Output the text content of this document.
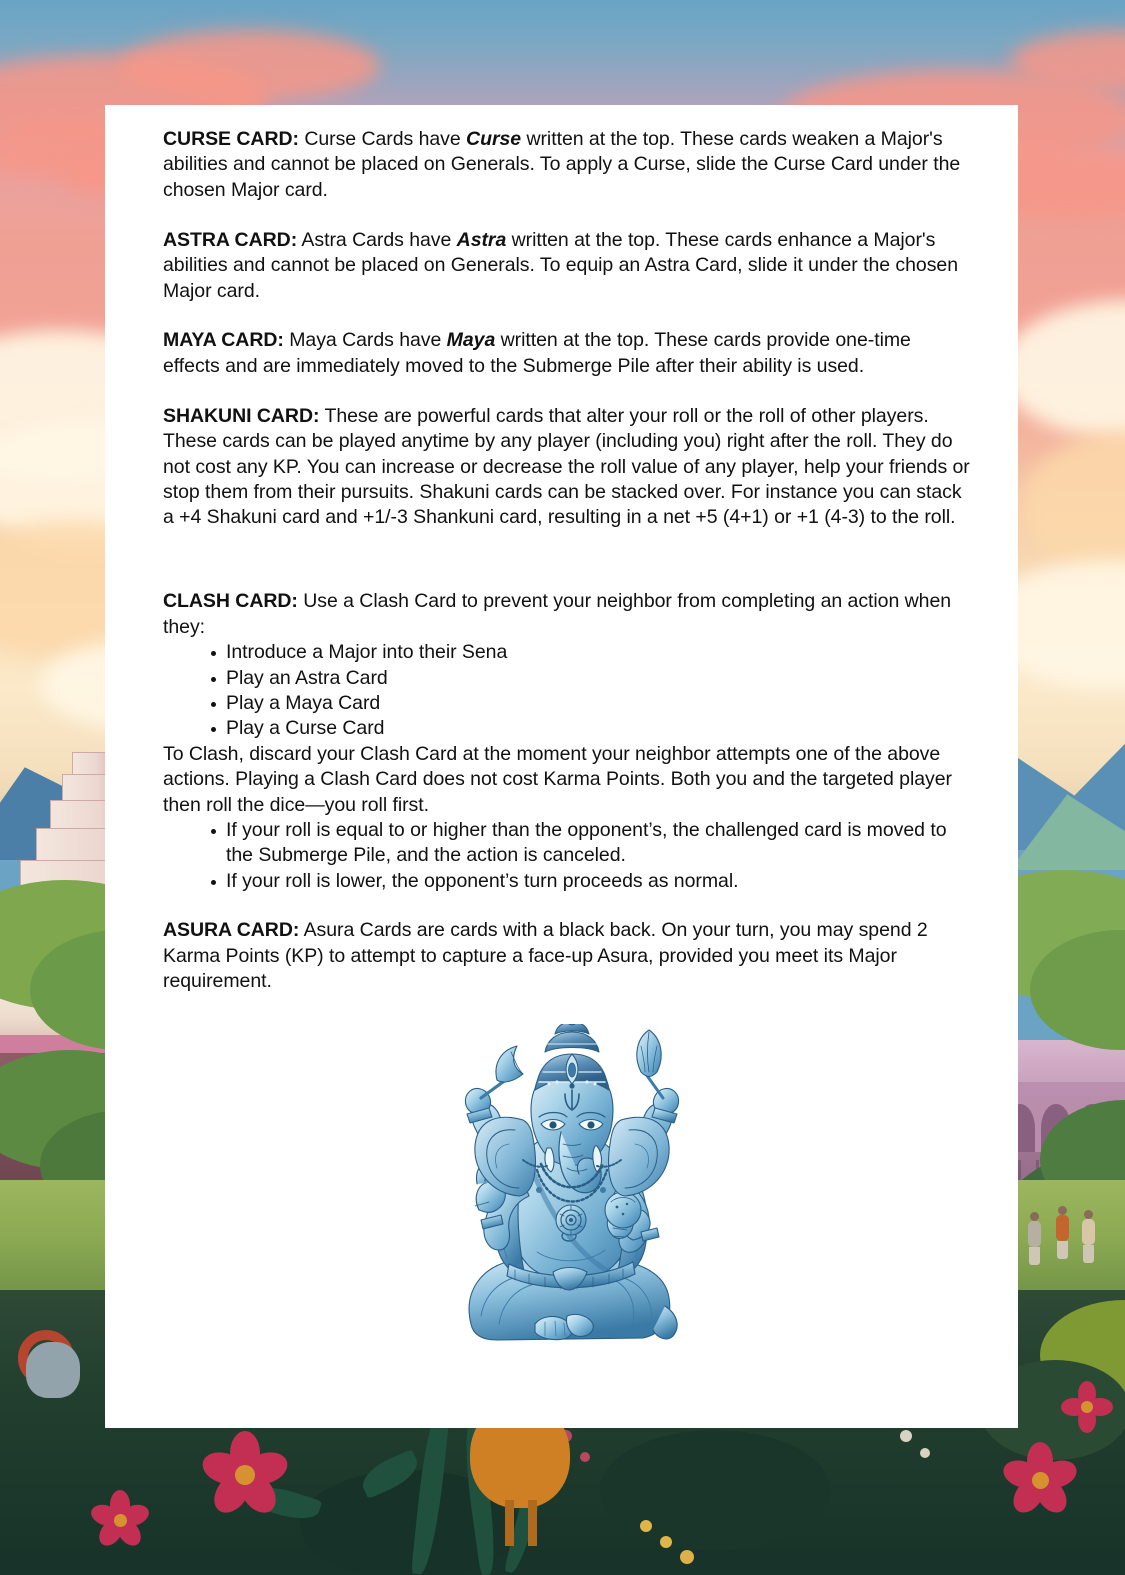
CURSE CARD: Curse Cards have Curse written at the top. These cards weaken a Major's abilities and cannot be placed on Generals. To apply a Curse, slide the Curse Card under the chosen Major card.

ASTRA CARD: Astra Cards have Astra written at the top. These cards enhance a Major's abilities and cannot be placed on Generals. To equip an Astra Card, slide it under the chosen Major card.

MAYA CARD: Maya Cards have Maya written at the top. These cards provide one-time effects and are immediately moved to the Submerge Pile after their ability is used.

SHAKUNI CARD: These are powerful cards that alter your roll or the roll of other players. These cards can be played anytime by any player (including you) right after the roll. They do not cost any KP. You can increase or decrease the roll value of any player, help your friends or stop them from their pursuits. Shakuni cards can be stacked over. For instance you can stack a +4 Shakuni card and +1/-3 Shankuni card, resulting in a net +5 (4+1) or +1 (4-3) to the roll.

CLASH CARD: Use a Clash Card to prevent your neighbor from completing an action when they:

Introduce a Major into their Sena
Play an Astra Card
Play a Maya Card
Play a Curse Card

To Clash, discard your Clash Card at the moment your neighbor attempts one of the above actions. Playing a Clash Card does not cost Karma Points. Both you and the targeted player then roll the dice—you roll first.

If your roll is equal to or higher than the opponent’s, the challenged card is moved to the Submerge Pile, and the action is canceled.
If your roll is lower, the opponent’s turn proceeds as normal.

ASURA CARD: Asura Cards are cards with a black back. On your turn, you may spend 2 Karma Points (KP) to attempt to capture a face-up Asura, provided you meet its Major requirement.
